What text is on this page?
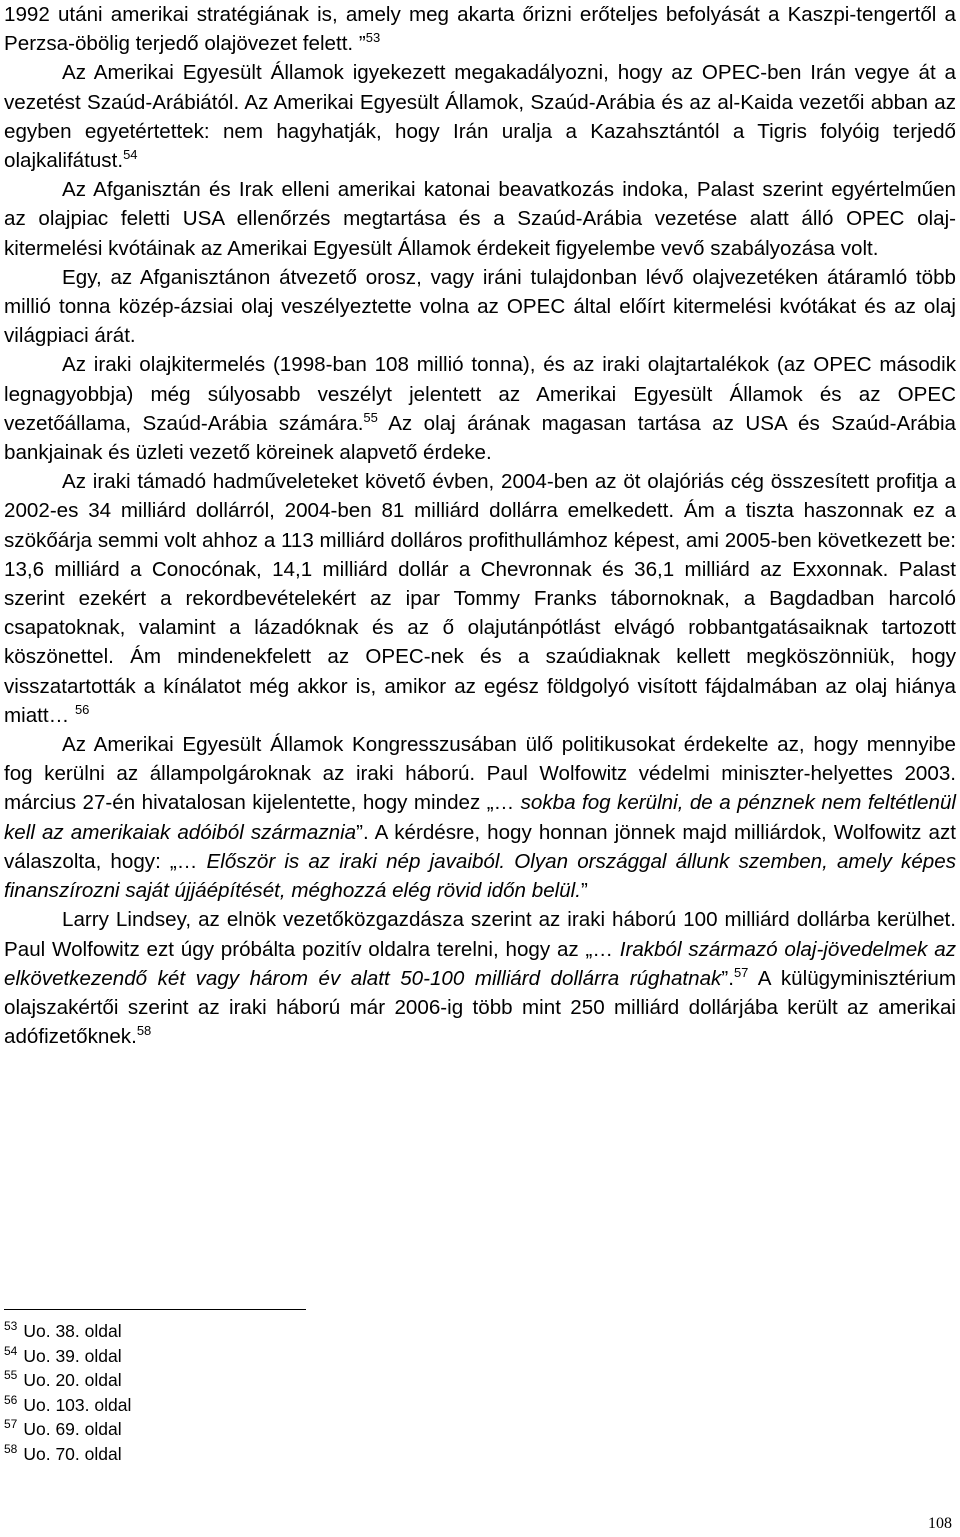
1992 utáni amerikai stratégiának is, amely meg akarta őrizni erőteljes befolyását a Kaszpi-tengertől a Perzsa-öbölig terjedő olajövezet felett. ”$^{53}$

Az Amerikai Egyesült Államok igyekezett megakadályozni, hogy az OPEC-ben Irán vegye át a vezetést Szaúd-Arábiától. Az Amerikai Egyesült Államok, Szaúd-Arábia és az al-Kaida vezetői abban az egyben egyetértettek: nem hagyhatják, hogy Irán uralja a Kazahsztántól a Tigris folyóig terjedő olajkalifátust.$^{54}$

Az Afganisztán és Irak elleni amerikai katonai beavatkozás indoka, Palast szerint egyértelműen az olajpiac feletti USA ellenőrzés megtartása és a Szaúd-Arábia vezetése alatt álló OPEC olaj-kitermelési kvótáinak az Amerikai Egyesült Államok érdekeit figyelembe vevő szabályozása volt.

Egy, az Afganisztánon átvezető orosz, vagy iráni tulajdonban lévő olajvezetéken átáramló több millió tonna közép-ázsiai olaj veszélyeztette volna az OPEC által előírt kitermelési kvótákat és az olaj világpiaci árát.

Az iraki olajkitermelés (1998-ban 108 millió tonna), és az iraki olajtartalékok (az OPEC második legnagyobbja) még súlyosabb veszélyt jelentett az Amerikai Egyesült Államok és az OPEC vezetőállama, Szaúd-Arábia számára.$^{55}$ Az olaj árának magasan tartása az USA és Szaúd-Arábia bankjainak és üzleti vezető köreinek alapvető érdeke.

Az iraki támadó hadműveleteket követő évben, 2004-ben az öt olajóriás cég összesített profitja a 2002-es 34 milliárd dollárról, 2004-ben 81 milliárd dollárra emelkedett. Ám a tiszta haszonnak ez a szökőárja semmi volt ahhoz a 113 milliárd dolláros profithullámhoz képest, ami 2005-ben következett be: 13,6 milliárd a Conocónak, 14,1 milliárd dollár a Chevronnak és 36,1 milliárd az Exxonnak. Palast szerint ezekért a rekordbevételekért az ipar Tommy Franks tábornoknak, a Bagdadban harcoló csapatoknak, valamint a lázadóknak és az ő olajutánpótlást elvágó robbantgatásaiknak tartozott köszönettel. Ám mindenekfelett az OPEC-nek és a szaúdiaknak kellett megköszönniük, hogy visszatartották a kínálatot még akkor is, amikor az egész földgolyó visított fájdalmában az olaj hiánya miatt… $^{56}$

Az Amerikai Egyesült Államok Kongresszusában ülő politikusokat érdekelte az, hogy mennyibe fog kerülni az állampolgároknak az iraki háború. Paul Wolfowitz védelmi miniszter-helyettes 2003. március 27-én hivatalosan kijelentette, hogy mindez „… sokba fog kerülni, de a pénznek nem feltétlenül kell az amerikaiak adóiból származnia”. A kérdésre, hogy honnan jönnek majd milliárdok, Wolfowitz azt válaszolta, hogy: „… Először is az iraki nép javaiból. Olyan országgal állunk szemben, amely képes finanszírozni saját újjáépítését, méghozzá elég rövid időn belül.”

Larry Lindsey, az elnök vezetőközgazdásza szerint az iraki háború 100 milliárd dollárba kerülhet. Paul Wolfowitz ezt úgy próbálta pozitív oldalra terelni, hogy az „… Irakból származó olaj-jövedelmek az elkövetkezendő két vagy három év alatt 50-100 milliárd dollárra rúghatnak”.$^{57}$ A külügyminisztérium olajszakértői szerint az iraki háború már 2006-ig több mint 250 milliárd dollárjába került az amerikai adófizetőknek.$^{58}$

$^{53}$ Uo. 38. oldal
$^{54}$ Uo. 39. oldal
$^{55}$ Uo. 20. oldal
$^{56}$ Uo. 103. oldal
$^{57}$ Uo. 69. oldal
$^{58}$ Uo. 70. oldal
108
